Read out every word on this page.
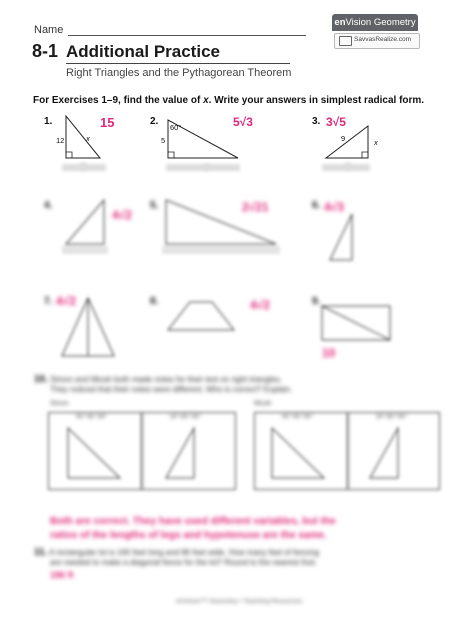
Name
enVision Geometry
SavvasRealize.com
8-1 Additional Practice
Right Triangles and the Pythagorean Theorem
For Exercises 1–9, find the value of x. Write your answers in simplest radical form.
1.	15
12	x
2.	5√3
60°
5
3. 3√5
9	x
4.
4√2
5.	2√21	6. 4√3
7. 4√2	8.	4√2	9.
10
10. Simon and Micah both made notes for their test on right triangles.
They noticed that their notes were different. Who is correct? Explain.
Simon	Micah
45°-45°-90°	30°-60°-90°	45°-45°-90°	30°-60°-90°
Both are correct. They have used different variables, but the
ratios of the lengths of legs and hypotenuse are the same.
11. A rectangular lot is 165 feet long and 86 feet wide. How many feet of fencing
are needed to make a diagonal fence for the lot? Round to the nearest foot.
186 ft
enVision™ Geometry • Teaching Resources
